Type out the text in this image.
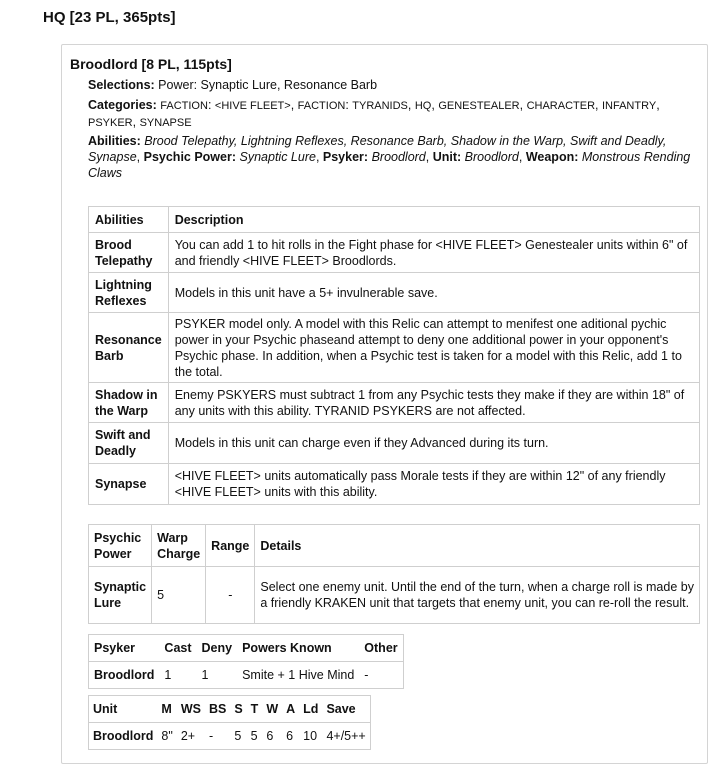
HQ [23 PL, 365pts]
Broodlord [8 PL, 115pts]

Selections: Power: Synaptic Lure, Resonance Barb

Categories: FACTION: <HIVE FLEET>, FACTION: TYRANIDS, HQ, GENESTEALER, CHARACTER, INFANTRY, PSYKER, SYNAPSE

Abilities: Brood Telepathy, Lightning Reflexes, Resonance Barb, Shadow in the Warp, Swift and Deadly, Synapse, Psychic Power: Synaptic Lure, Psyker: Broodlord, Unit: Broodlord, Weapon: Monstrous Rending Claws

Abilities	Description
Brood Telepathy	You can add 1 to hit rolls in the Fight phase for <HIVE FLEET> Genestealer units within 6" of and friendly <HIVE FLEET> Broodlords.
Lightning Reflexes	Models in this unit have a 5+ invulnerable save.
Resonance Barb	PSYKER model only. A model with this Relic can attempt to menifest one aditional pychic power in your Psychic phaseand attempt to deny one additional power in your opponent's Psychic phase. In addition, when a Psychic test is taken for a model with this Relic, add 1 to the total.
Shadow in the Warp	Enemy PSKYERS must subtract 1 from any Psychic tests they make if they are within 18" of any units with this ability. TYRANID PSYKERS are not affected.
Swift and Deadly	Models in this unit can charge even if they Advanced during its turn.
Synapse	<HIVE FLEET> units automatically pass Morale tests if they are within 12" of any friendly <HIVE FLEET> units with this ability.
Psychic Power	Warp Charge	Range	Details
Synaptic Lure	5	-	Select one enemy unit. Until the end of the turn, when a charge roll is made by a friendly KRAKEN unit that targets that enemy unit, you can re-roll the result.
Psyker	Cast	Deny	Powers Known	Other
Broodlord	1	1	Smite + 1 Hive Mind	-
Unit	M	WS	BS	S	T	W	A	Ld	Save
Broodlord	8"	2+	-	5	5	6	6	10	4+/5++
